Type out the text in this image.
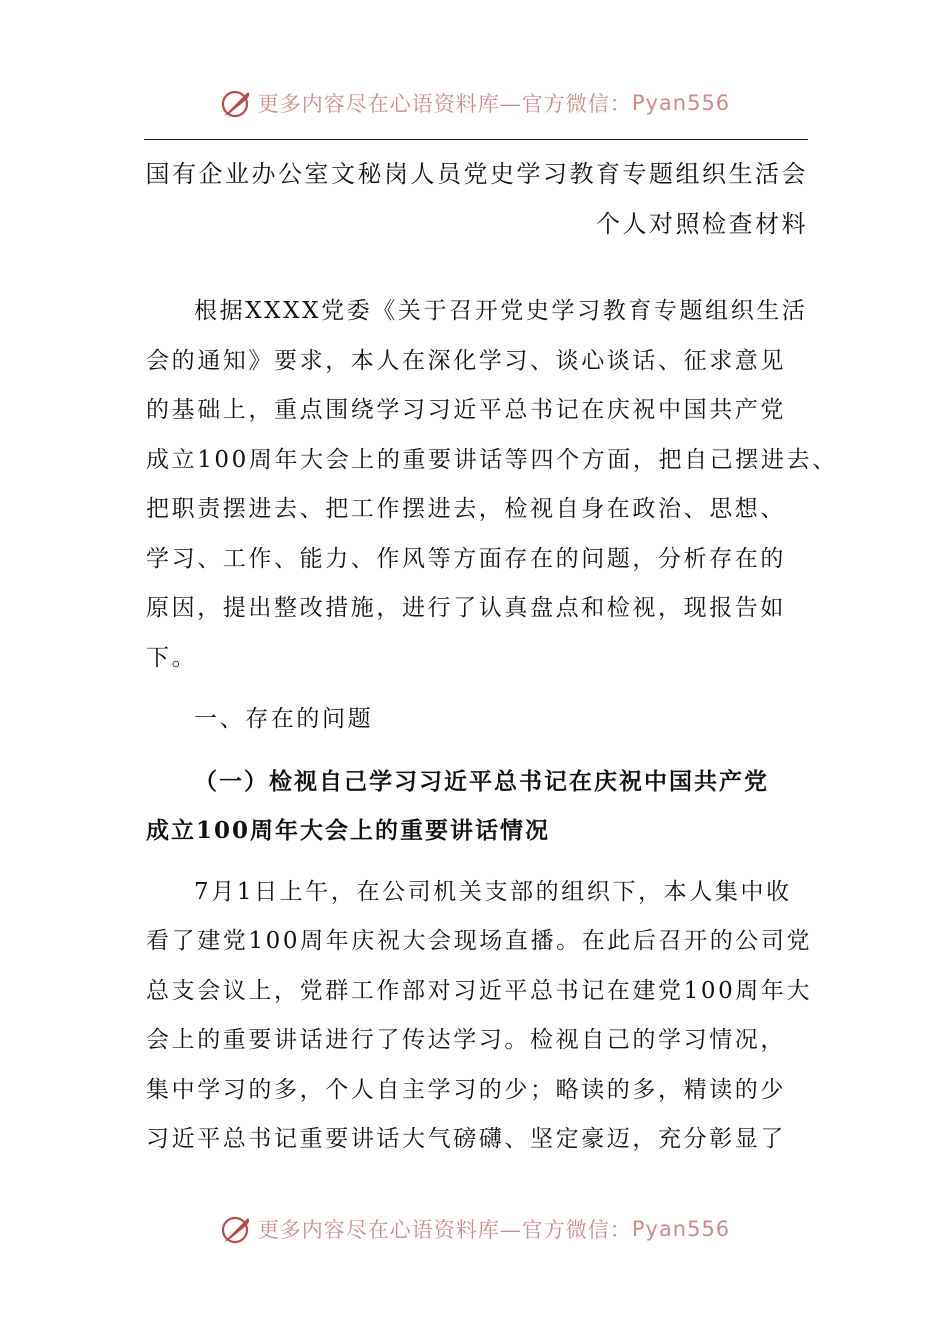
更多内容尽在心语资料库—官方微信： Pyan556
国有企业办公室文秘岗人员党史学习教育专题组织生活会
个人对照检查材料
根据XXXX党委《关于召开党史学习教育专题组织生活
会的通知》要求，本人在深化学习、谈心谈话、征求意见
的基础上，重点围绕学习习近平总书记在庆祝中国共产党
成立100周年大会上的重要讲话等四个方面，把自己摆进去、
把职责摆进去、把工作摆进去，检视自身在政治、思想、
学习、工作、能力、作风等方面存在的问题，分析存在的
原因，提出整改措施，进行了认真盘点和检视，现报告如
下。
一、存在的问题
（一）检视自己学习习近平总书记在庆祝中国共产党
成立100周年大会上的重要讲话情况
7月1日上午，在公司机关支部的组织下，本人集中收
看了建党100周年庆祝大会现场直播。在此后召开的公司党
总支会议上，党群工作部对习近平总书记在建党100周年大
会上的重要讲话进行了传达学习。检视自己的学习情况，
集中学习的多，个人自主学习的少；略读的多，精读的少
习近平总书记重要讲话大气磅礴、坚定豪迈，充分彰显了
更多内容尽在心语资料库—官方微信： Pyan556
